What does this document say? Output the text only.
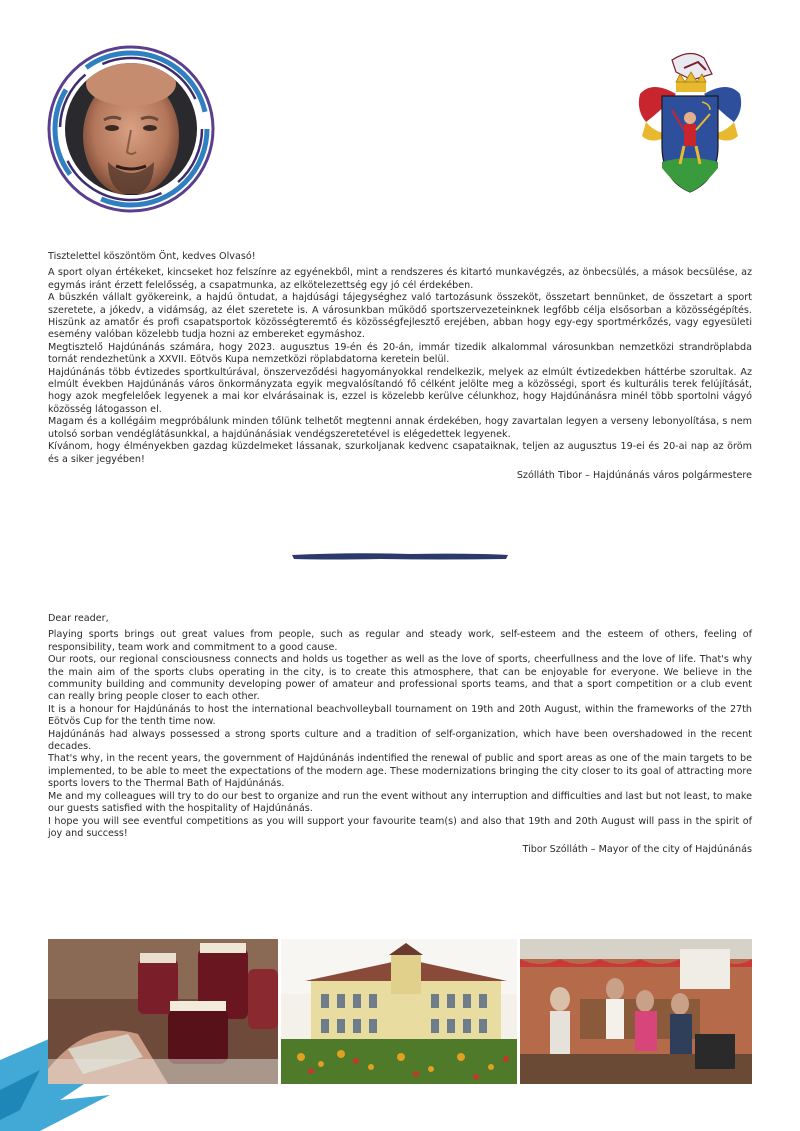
Tisztelettel köszöntöm Önt, kedves Olvasó!

A sport olyan értékeket, kincseket hoz felszínre az egyénekből, mint a rendszeres és kitartó munkavégzés, az önbecsülés, a mások becsülése, az egymás iránt érzett felelősség, a csapatmunka, az elkötelezettség egy jó cél érdekében.

A büszkén vállalt gyökereink, a hajdú öntudat, a hajdúsági tájegységhez való tartozásunk összeköt, összetart bennünket, de összetart a sport szeretete, a jókedv, a vidámság, az élet szeretete is. A városunkban működő sportszervezeteinknek legfőbb célja elsősorban a közösségépítés. Hiszünk az amatőr és profi csapatsportok közösségteremtő és közösségfejlesztő erejében, abban hogy egy-egy sportmérkőzés, vagy egyesületi esemény valóban közelebb tudja hozni az embereket egymáshoz.

Megtisztelő Hajdúnánás számára, hogy 2023. augusztus 19-én és 20-án, immár tizedik alkalommal városunkban nemzetközi strandröplabda tornát rendezhetünk a XXVII. Eötvös Kupa nemzetközi röplabdatorna keretein belül.

Hajdúnánás több évtizedes sportkultúrával, önszerveződési hagyományokkal rendelkezik, melyek az elmúlt évtizedekben háttérbe szorultak. Az elmúlt években Hajdúnánás város önkormányzata egyik megvalósítandó fő célként jelölte meg a közösségi, sport és kulturális terek felújítását, hogy azok megfelelőek legyenek a mai kor elvárásainak is, ezzel is közelebb kerülve célunkhoz, hogy Hajdúnánásra minél több sportolni vágyó közösség látogasson el.

Magam és a kollégáim megpróbálunk minden tőlünk telhetőt megtenni annak érdekében, hogy zavartalan legyen a verseny lebonyolítása, s nem utolsó sorban vendéglátásunkkal, a hajdúnánásiak vendégszeretetével is elégedettek legyenek.

Kívánom, hogy élményekben gazdag küzdelmeket lássanak, szurkoljanak kedvenc csapataiknak, teljen az augusztus 19-ei és 20-ai nap az öröm és a siker jegyében!

Szólláth Tibor – Hajdúnánás város polgármestere

Dear reader,

Playing sports brings out great values from people, such as regular and steady work, self-esteem and the esteem of others, feeling of responsibility, team work and commitment to a good cause.

Our roots, our regional consciousness connects and holds us together as well as the love of sports, cheerfullness and the love of life. That's why the main aim of the sports clubs operating in the city, is to create this atmosphere, that can be enjoyable for everyone. We believe in the community building and community developing power of amateur and professional sports teams, and that a sport competition or a club event can really bring people closer to each other.

It is a honour for Hajdúnánás to host the international beachvolleyball tournament on 19th and 20th August, within the frameworks of the 27th Eötvös Cup for the tenth time now.

Hajdúnánás had always possessed a strong sports culture and a tradition of self-organization, which have been overshadowed in the recent decades.

That's why, in the recent years, the government of Hajdúnánás indentified the renewal of public and sport areas as one of the main targets to be implemented, to be able to meet the expectations of the modern age. These modernizations bringing the city closer to its goal of attracting more sports lovers to the Thermal Bath of Hajdúnánás.

Me and my colleagues will try to do our best to organize and run the event without any interruption and difficulties and last but not least, to make our guests satisfied with the hospitality of Hajdúnánás.

I hope you will see eventful competitions as you will support your favourite team(s) and also that 19th and 20th August will pass in the spirit of joy and success!

Tibor Szólláth – Mayor of the city of Hajdúnánás
